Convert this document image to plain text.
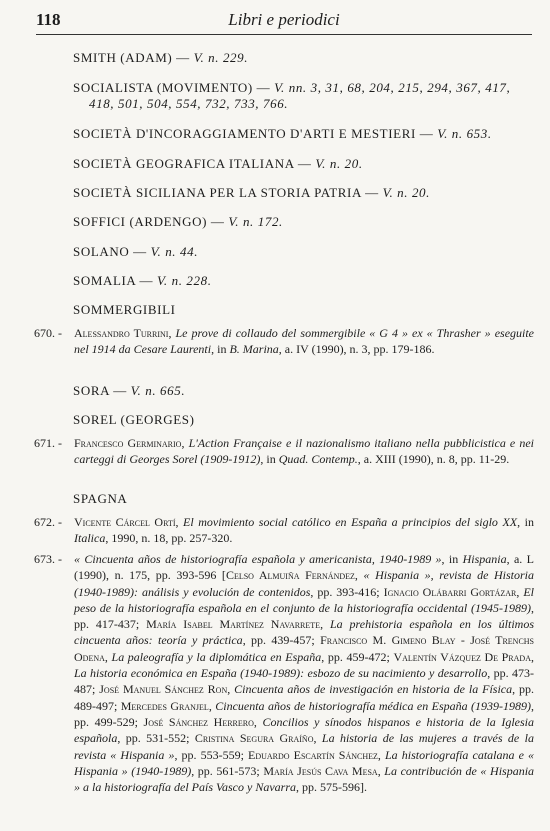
118	Libri e periodici
SMITH (ADAM) — V. n. 229.
SOCIALISTA (MOVIMENTO) — V. nn. 3, 31, 68, 204, 215, 294, 367, 417,
418, 501, 504, 554, 732, 733, 766.
SOCIETÀ D'INCORAGGIAMENTO D'ARTI E MESTIERI — V. n. 653.
SOCIETÀ GEOGRAFICA ITALIANA — V. n. 20.
SOCIETÀ SICILIANA PER LA STORIA PATRIA — V. n. 20.
SOFFICI (ARDENGO) — V. n. 172.
SOLANO — V. n. 44.
SOMALIA — V. n. 228.
SOMMERGIBILI
670. -	Alessandro Turrini, Le prove di collaudo del sommergibile « G 4 » ex « Thrasher » eseguite nel 1914 da Cesare Laurenti, in B. Marina, a. IV (1990), n. 3, pp. 179-186.
SORA — V. n. 665.
SOREL (GEORGES)
671. -	Francesco Germinario, L'Action Française e il nazionalismo italiano nella pubblicistica e nei carteggi di Georges Sorel (1909-1912), in Quad. Contemp., a. XIII (1990), n. 8, pp. 11-29.
SPAGNA
672. -	Vicente Cárcel Ortí, El movimiento social católico en España a principios del siglo XX, in Italica, 1990, n. 18, pp. 257-320.
673. -	« Cincuenta años de historiografía española y americanista, 1940-1989 », in Hispania, a. L (1990), n. 175, pp. 393-596 [Celso Almuiña Fernández, « Hispania », revista de Historia (1940-1989): análisis y evolución de contenidos, pp. 393-416; Ignacio Olábarri Gortázar, El peso de la historiografía española en el conjunto de la historiografía occidental (1945-1989), pp. 417-437; María Isabel Martínez Navarrete, La prehistoria española en los últimos cincuenta años: teoría y práctica, pp. 439-457; Francisco M. Gimeno Blay - José Trenchs Odena, La paleografía y la diplomática en España, pp. 459-472; Valentín Vázquez De Prada, La historia económica en España (1940-1989): esbozo de su nacimiento y desarrollo, pp. 473-487; José Manuel Sánchez Ron, Cincuenta años de investigación en historia de la Física, pp. 489-497; Mercedes Granjel, Cincuenta años de historiografía médica en España (1939-1989), pp. 499-529; José Sánchez Herrero, Concilios y sínodos hispanos e historia de la Iglesia española, pp. 531-552; Cristina Segura Graíño, La historia de las mujeres a través de la revista « Hispania », pp. 553-559; Eduardo Escartín Sánchez, La historiografía catalana e « Hispania » (1940-1989), pp. 561-573; María Jesús Cava Mesa, La contribución de « Hispania » a la historiografía del País Vasco y Navarra, pp. 575-596].
